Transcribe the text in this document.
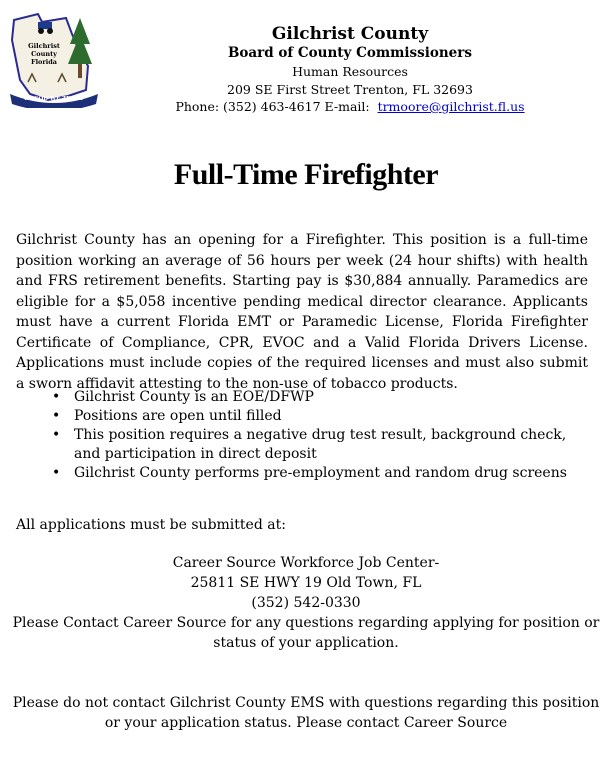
Gilchrist
County
Florida
IN GOD WE TRUST
Gilchrist County
Board of County Commissioners
Human Resources
209 SE First Street Trenton, FL 32693
Phone: (352) 463-4617 E-mail: trmoore@gilchrist.fl.us
Full-Time Firefighter

Gilchrist County has an opening for a Firefighter. This position is a full-time position working an average of 56 hours per week (24 hour shifts) with health and FRS retirement benefits. Starting pay is $30,884 annually. Paramedics are eligible for a $5,058 incentive pending medical director clearance. Applicants must have a current Florida EMT or Paramedic License, Florida Firefighter Certificate of Compliance, CPR, EVOC and a Valid Florida Drivers License. Applications must include copies of the required licenses and must also submit a sworn affidavit attesting to the non-use of tobacco products.

• Gilchrist County is an EOE/DFWP
• Positions are open until filled
• This position requires a negative drug test result, background check, and participation in direct deposit
• Gilchrist County performs pre-employment and random drug screens
All applications must be submitted at:
Career Source Workforce Job Center-
25811 SE HWY 19 Old Town, FL
(352) 542-0330
Please Contact Career Source for any questions regarding applying for position or status of your application.
Please do not contact Gilchrist County EMS with questions regarding this position or your application status. Please contact Career Source
